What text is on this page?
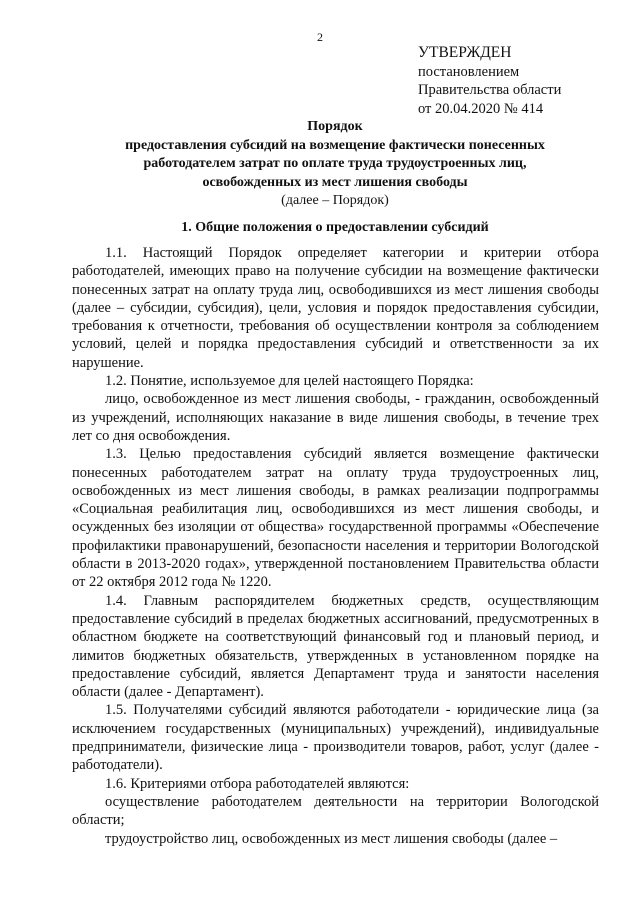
2
УТВЕРЖДЕН
постановлением
Правительства области
от 20.04.2020 № 414
Порядок
предоставления субсидий на возмещение фактически понесенных работодателем затрат по оплате труда трудоустроенных лиц, освобожденных из мест лишения свободы
(далее – Порядок)
1. Общие положения о предоставлении субсидий

1.1. Настоящий Порядок определяет категории и критерии отбора работодателей, имеющих право на получение субсидии на возмещение фактически понесенных затрат на оплату труда лиц, освободившихся из мест лишения свободы (далее – субсидии, субсидия), цели, условия и порядок предоставления субсидии, требования к отчетности, требования об осуществлении контроля за соблюдением условий, целей и порядка предоставления субсидий и ответственности за их нарушение.

1.2. Понятие, используемое для целей настоящего Порядка:

лицо, освобожденное из мест лишения свободы, - гражданин, освобожденный из учреждений, исполняющих наказание в виде лишения свободы, в течение трех лет со дня освобождения.

1.3. Целью предоставления субсидий является возмещение фактически понесенных работодателем затрат на оплату труда трудоустроенных лиц, освобожденных из мест лишения свободы, в рамках реализации подпрограммы «Социальная реабилитация лиц, освободившихся из мест лишения свободы, и осужденных без изоляции от общества» государственной программы «Обеспечение профилактики правонарушений, безопасности населения и территории Вологодской области в 2013-2020 годах», утвержденной постановлением Правительства области от 22 октября 2012 года № 1220.

1.4. Главным распорядителем бюджетных средств, осуществляющим предоставление субсидий в пределах бюджетных ассигнований, предусмотренных в областном бюджете на соответствующий финансовый год и плановый период, и лимитов бюджетных обязательств, утвержденных в установленном порядке на предоставление субсидий, является Департамент труда и занятости населения области (далее - Департамент).

1.5. Получателями субсидий являются работодатели - юридические лица (за исключением государственных (муниципальных) учреждений), индивидуальные предприниматели, физические лица - производители товаров, работ, услуг (далее - работодатели).

1.6. Критериями отбора работодателей являются:

осуществление работодателем деятельности на территории Вологодской области;

трудоустройство лиц, освобожденных из мест лишения свободы (далее –
